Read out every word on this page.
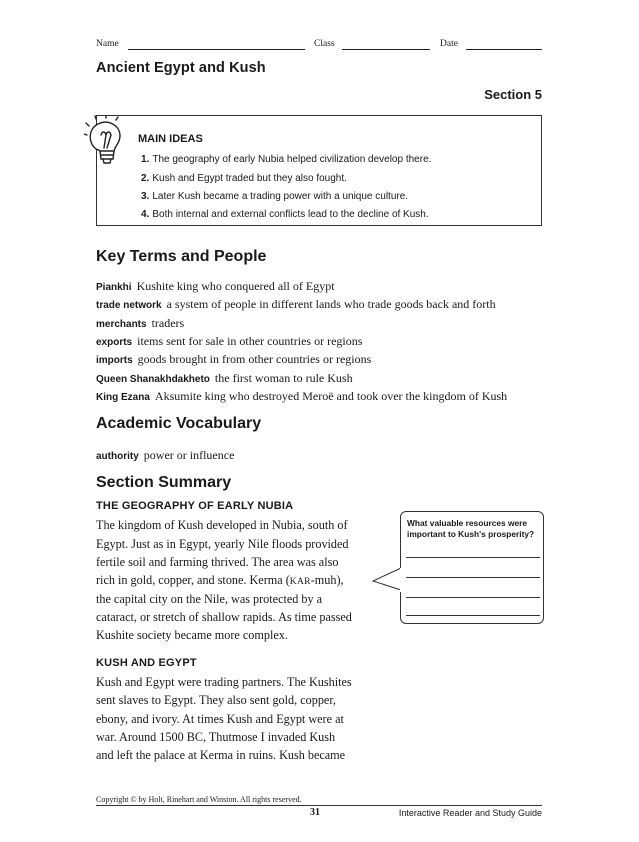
Name	Class	Date
Ancient Egypt and Kush
Section 5
MAIN IDEAS
1. The geography of early Nubia helped civilization develop there.
2. Kush and Egypt traded but they also fought.
3. Later Kush became a trading power with a unique culture.
4. Both internal and external conflicts lead to the decline of Kush.
Key Terms and People
Piankhi Kushite king who conquered all of Egypt
trade network a system of people in different lands who trade goods back and forth
merchants traders
exports items sent for sale in other countries or regions
imports goods brought in from other countries or regions
Queen Shanakhdakheto the first woman to rule Kush
King Ezana Aksumite king who destroyed Meroë and took over the kingdom of Kush
Academic Vocabulary
authority power or influence
Section Summary
THE GEOGRAPHY OF EARLY NUBIA
The kingdom of Kush developed in Nubia, south of
Egypt. Just as in Egypt, yearly Nile floods provided
fertile soil and farming thrived. The area was also
rich in gold, copper, and stone. Kerma (KAR-muh),
the capital city on the Nile, was protected by a
cataract, or stretch of shallow rapids. As time passed
Kushite society became more complex.
KUSH AND EGYPT
Kush and Egypt were trading partners. The Kushites
sent slaves to Egypt. They also sent gold, copper,
ebony, and ivory. At times Kush and Egypt were at
war. Around 1500 BC, Thutmose I invaded Kush
and left the palace at Kerma in ruins. Kush became
What valuable resources were important to Kush's prosperity?
Copyright © by Holt, Rinehart and Winston. All rights reserved.
31	Interactive Reader and Study Guide
